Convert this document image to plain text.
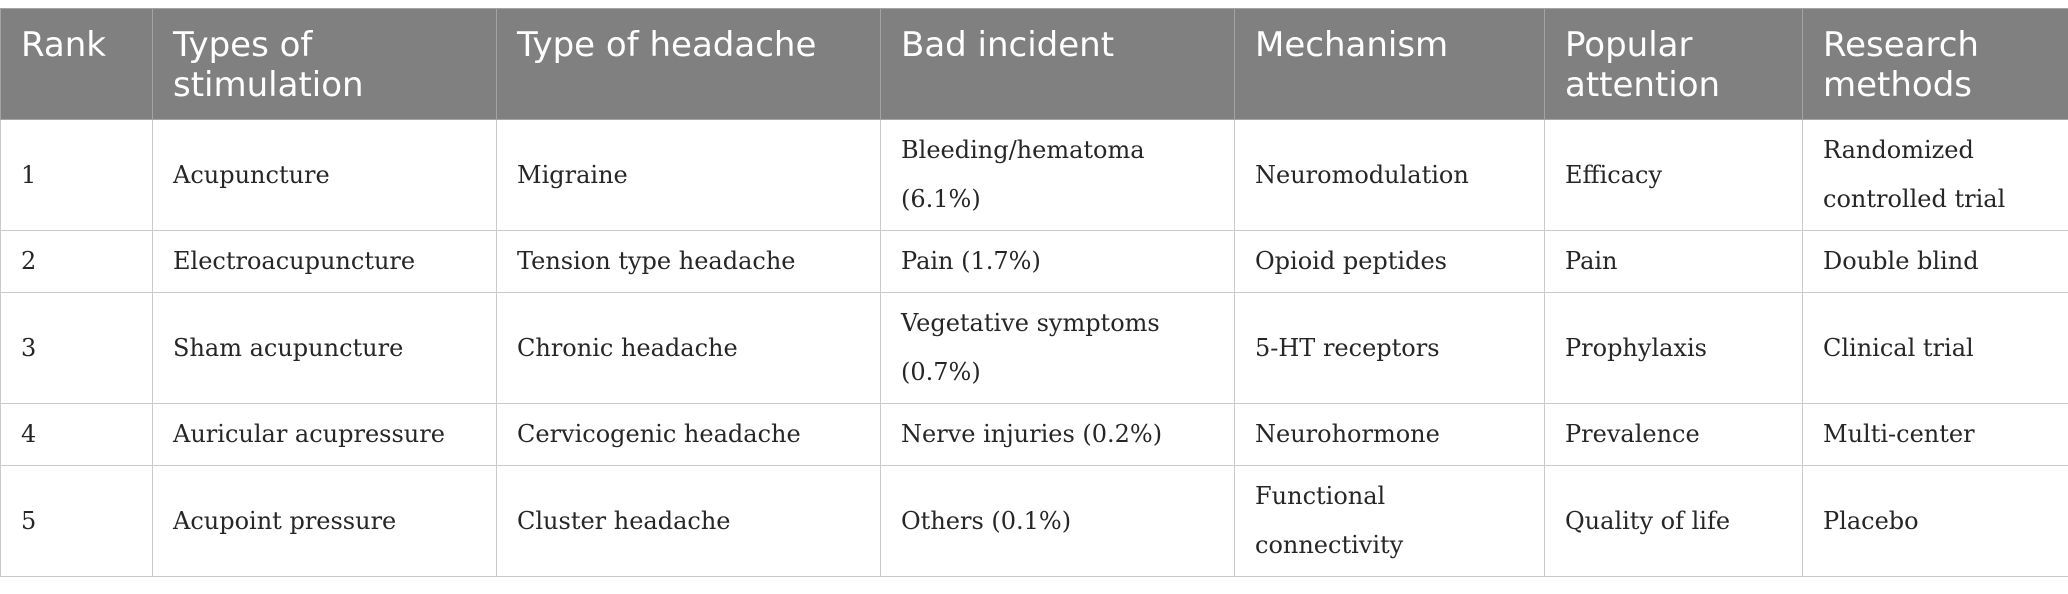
Rank	Types of stimulation	Type of headache	Bad incident	Mechanism	Popular attention	Research methods
1	Acupuncture	Migraine	Bleeding/hematoma (6.1%)	Neuromodulation	Efficacy	Randomized controlled trial
2	Electroacupuncture	Tension type headache	Pain (1.7%)	Opioid peptides	Pain	Double blind
3	Sham acupuncture	Chronic headache	Vegetative symptoms (0.7%)	5-HT receptors	Prophylaxis	Clinical trial
4	Auricular acupressure	Cervicogenic headache	Nerve injuries (0.2%)	Neurohormone	Prevalence	Multi-center
5	Acupoint pressure	Cluster headache	Others (0.1%)	Functional connectivity	Quality of life	Placebo
